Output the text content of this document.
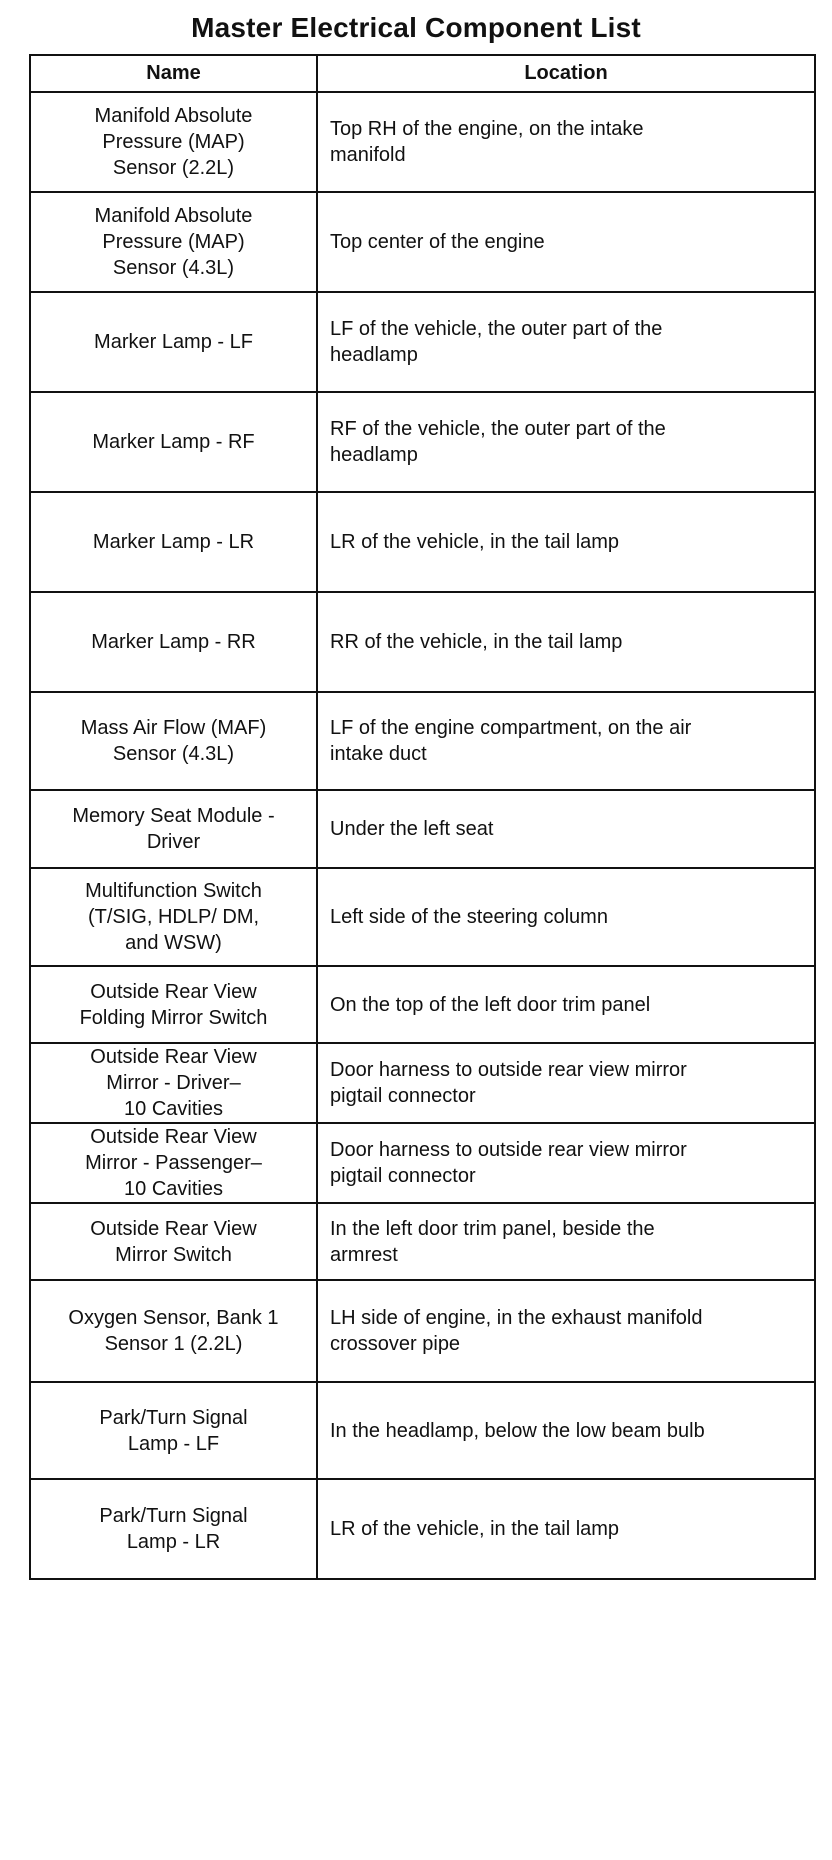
Master Electrical Component List
Name	Location

Manifold Absolute
Pressure (MAP)
Sensor (2.2L)	Top RH of the engine, on the intake
manifold

Manifold Absolute
Pressure (MAP)
Sensor (4.3L)	Top center of the engine

Marker Lamp - LF	LF of the vehicle, the outer part of the
headlamp

Marker Lamp - RF	RF of the vehicle, the outer part of the
headlamp

Marker Lamp - LR	LR of the vehicle, in the tail lamp

Marker Lamp - RR	RR of the vehicle, in the tail lamp

Mass Air Flow (MAF)
Sensor (4.3L)	LF of the engine compartment, on the air
intake duct

Memory Seat Module -
Driver	Under the left seat

Multifunction Switch
(T/SIG, HDLP/ DM,
and WSW)	Left side of the steering column

Outside Rear View
Folding Mirror Switch	On the top of the left door trim panel

Outside Rear View
Mirror - Driver–
10 Cavities	Door harness to outside rear view mirror
pigtail connector

Outside Rear View
Mirror - Passenger–
10 Cavities	Door harness to outside rear view mirror
pigtail connector

Outside Rear View
Mirror Switch	In the left door trim panel, beside the
armrest

Oxygen Sensor, Bank 1
Sensor 1 (2.2L)	LH side of engine, in the exhaust manifold
crossover pipe

Park/Turn Signal
Lamp - LF	In the headlamp, below the low beam bulb

Park/Turn Signal
Lamp - LR	LR of the vehicle, in the tail lamp
